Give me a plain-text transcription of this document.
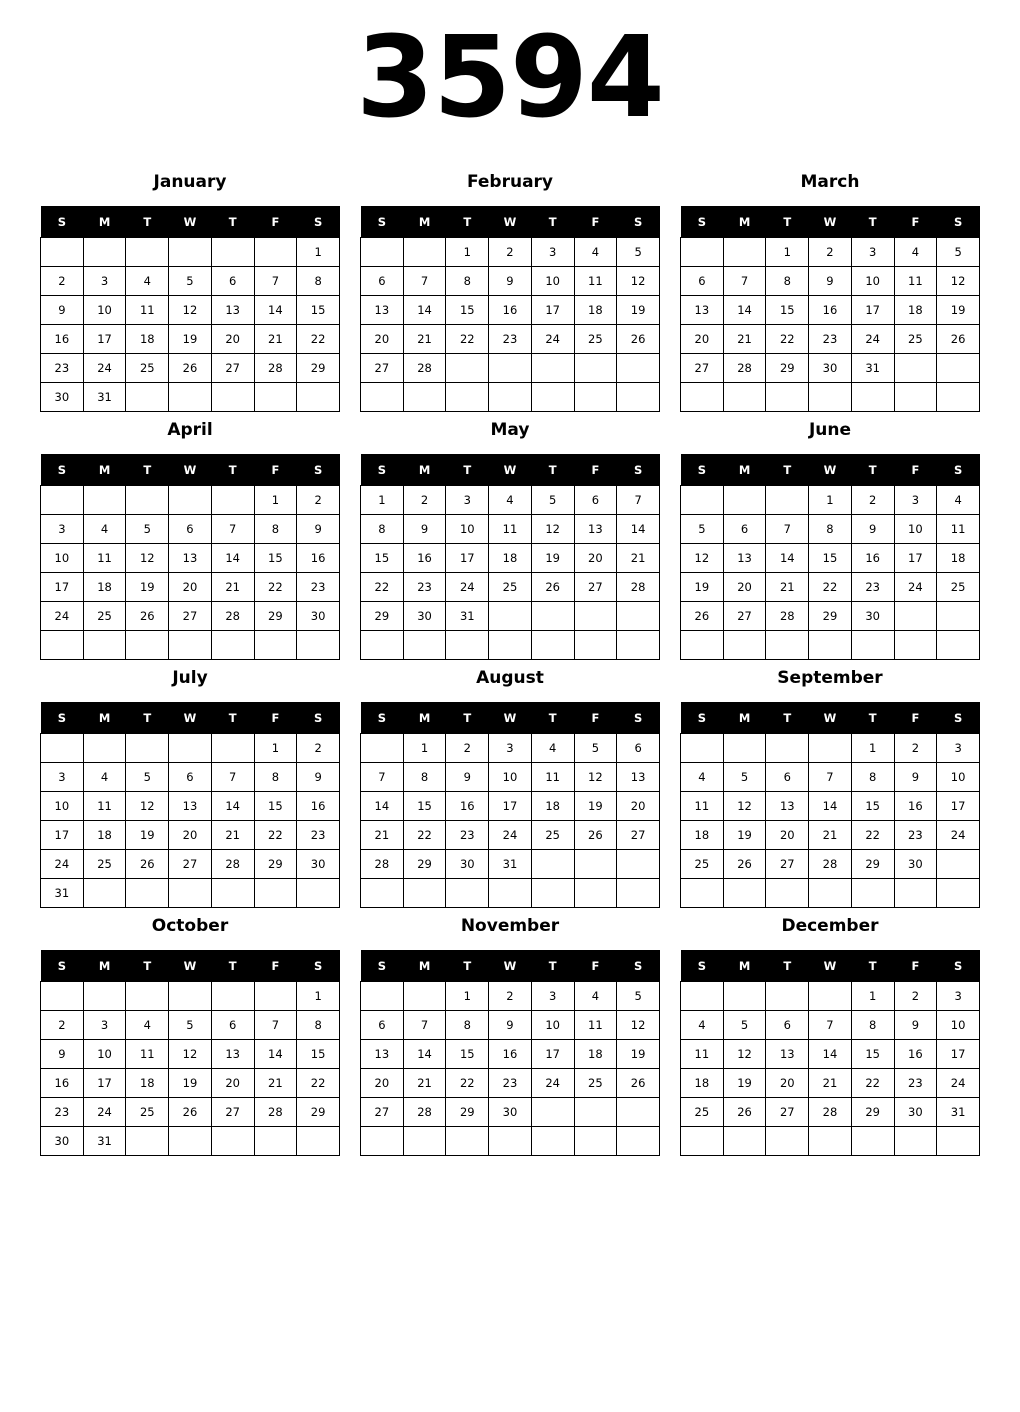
3594
January
S	M	T	W	T	F	S
						1
2	3	4	5	6	7	8
9	10	11	12	13	14	15
16	17	18	19	20	21	22
23	24	25	26	27	28	29
30	31					
February
S	M	T	W	T	F	S
		1	2	3	4	5
6	7	8	9	10	11	12
13	14	15	16	17	18	19
20	21	22	23	24	25	26
27	28					

March
S	M	T	W	T	F	S
		1	2	3	4	5
6	7	8	9	10	11	12
13	14	15	16	17	18	19
20	21	22	23	24	25	26
27	28	29	30	31		

April
S	M	T	W	T	F	S
					1	2
3	4	5	6	7	8	9
10	11	12	13	14	15	16
17	18	19	20	21	22	23
24	25	26	27	28	29	30

May
S	M	T	W	T	F	S
1	2	3	4	5	6	7
8	9	10	11	12	13	14
15	16	17	18	19	20	21
22	23	24	25	26	27	28
29	30	31				

June
S	M	T	W	T	F	S
			1	2	3	4
5	6	7	8	9	10	11
12	13	14	15	16	17	18
19	20	21	22	23	24	25
26	27	28	29	30		

July
S	M	T	W	T	F	S
					1	2
3	4	5	6	7	8	9
10	11	12	13	14	15	16
17	18	19	20	21	22	23
24	25	26	27	28	29	30
31						
August
S	M	T	W	T	F	S
	1	2	3	4	5	6
7	8	9	10	11	12	13
14	15	16	17	18	19	20
21	22	23	24	25	26	27
28	29	30	31			

September
S	M	T	W	T	F	S
				1	2	3
4	5	6	7	8	9	10
11	12	13	14	15	16	17
18	19	20	21	22	23	24
25	26	27	28	29	30	

October
S	M	T	W	T	F	S
						1
2	3	4	5	6	7	8
9	10	11	12	13	14	15
16	17	18	19	20	21	22
23	24	25	26	27	28	29
30	31					
November
S	M	T	W	T	F	S
		1	2	3	4	5
6	7	8	9	10	11	12
13	14	15	16	17	18	19
20	21	22	23	24	25	26
27	28	29	30			

December
S	M	T	W	T	F	S
				1	2	3
4	5	6	7	8	9	10
11	12	13	14	15	16	17
18	19	20	21	22	23	24
25	26	27	28	29	30	31
